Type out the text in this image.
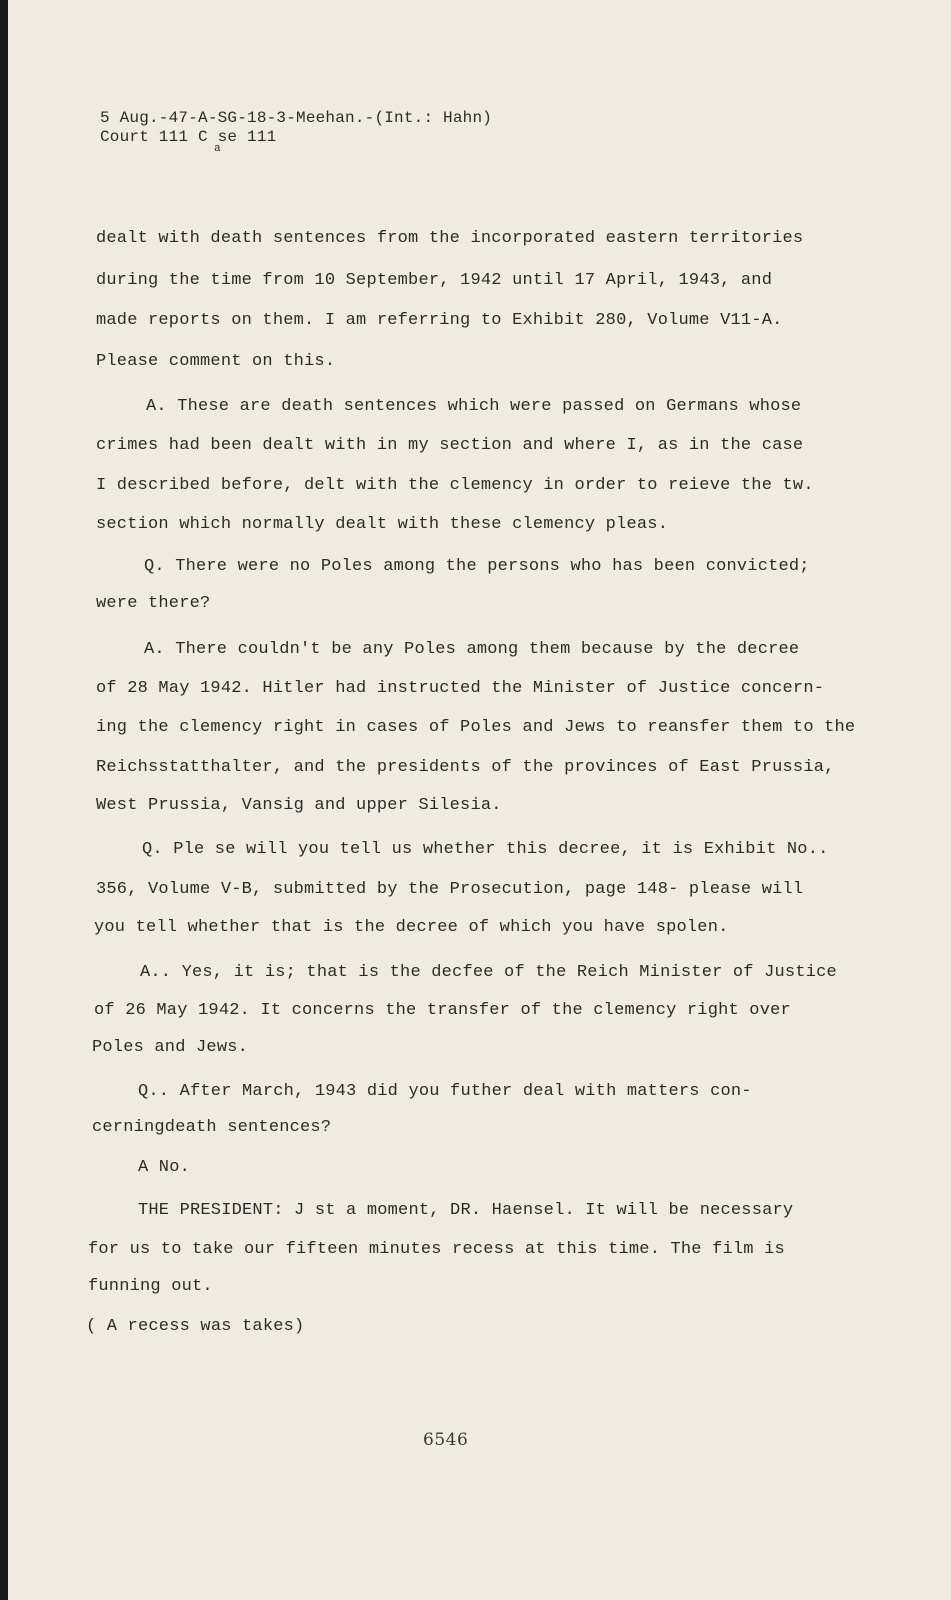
5 Aug.-47-A-SG-18-3-Meehan.-(Int.: Hahn)
Court 111 C se 111
a
dealt with death sentences from the incorporated eastern territories
during the time from 10 September, 1942 until 17 April, 1943, and
made reports on them. I am referring to Exhibit 280, Volume V11-A.
Please comment on this.
A. These are death sentences which were passed on Germans whose
crimes had been dealt with in my section and where I, as in the case
I described before, delt with the clemency in order to reieve the tw.
section which normally dealt with these clemency pleas.
Q. There were no Poles among the persons who has been convicted;
were there?
A. There couldn't be any Poles among them because by the decree
of 28 May 1942. Hitler had instructed the Minister of Justice concern-
ing the clemency right in cases of Poles and Jews to reansfer them to the
Reichsstatthalter, and the presidents of the provinces of East Prussia,
West Prussia, Vansig and upper Silesia.
Q. Ple se will you tell us whether this decree, it is Exhibit No..
356, Volume V-B, submitted by the Prosecution, page 148- please will
you tell whether that is the decree of which you have spolen.
A.. Yes, it is; that is the decfee of the Reich Minister of Justice
of 26 May 1942. It concerns the transfer of the clemency right over
Poles and Jews.
Q.. After March, 1943 did you futher deal with matters con-
cerningdeath sentences?
A No.
THE PRESIDENT: J st a moment, DR. Haensel. It will be necessary
for us to take our fifteen minutes recess at this time. The film is
funning out.
( A recess was takes)
6546
